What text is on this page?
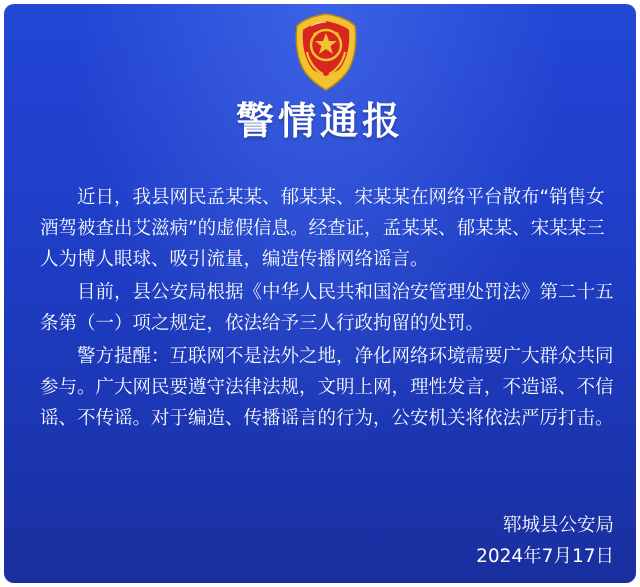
警情通报

近日，我县网民孟某某、郁某某、宋某某在网络平台散布“销售女酒驾被查出艾滋病”的虚假信息。经查证，孟某某、郁某某、宋某某三人为博人眼球、吸引流量，编造传播网络谣言。

目前，县公安局根据《中华人民共和国治安管理处罚法》第二十五条第（一）项之规定，依法给予三人行政拘留的处罚。

警方提醒：互联网不是法外之地，净化网络环境需要广大群众共同参与。广大网民要遵守法律法规，文明上网，理性发言，不造谣、不信谣、不传谣。对于编造、传播谣言的行为，公安机关将依法严厉打击。

郓城县公安局
2024年7月17日
